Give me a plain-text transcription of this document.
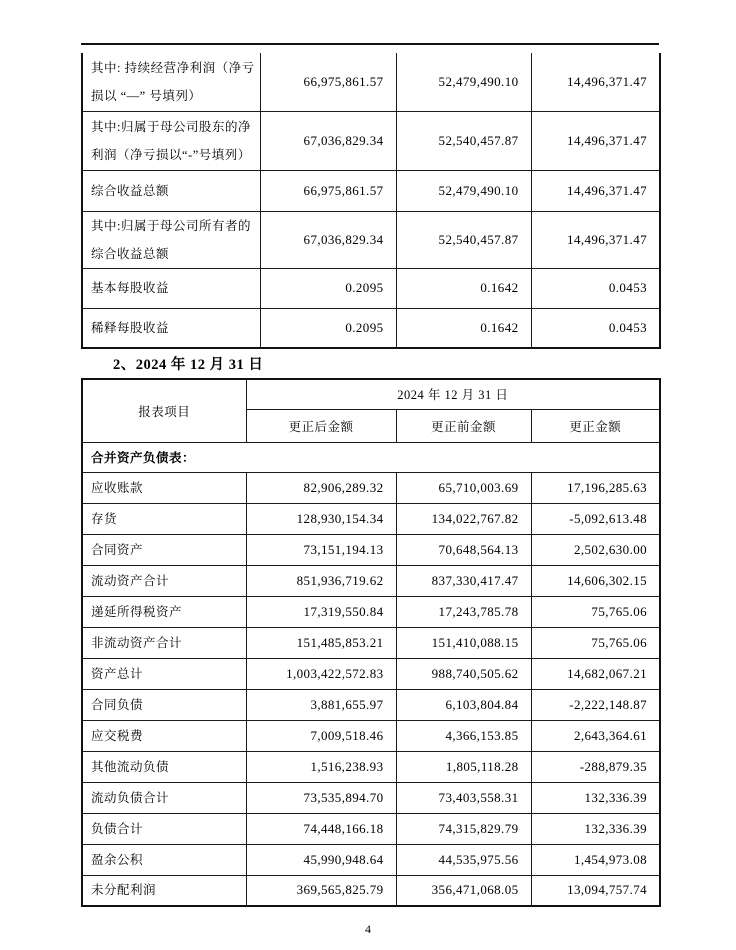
其中: 持续经营净利润（净亏损以 “—” 号填列）	66,975,861.57	52,479,490.10	14,496,371.47
其中:归属于母公司股东的净利润（净亏损以“-”号填列）	67,036,829.34	52,540,457.87	14,496,371.47
综合收益总额	66,975,861.57	52,479,490.10	14,496,371.47
其中:归属于母公司所有者的综合收益总额	67,036,829.34	52,540,457.87	14,496,371.47
基本每股收益	0.2095	0.1642	0.0453
稀释每股收益	0.2095	0.1642	0.0453
2、2024 年 12 月 31 日
报表项目	2024 年 12 月 31 日		
	更正后金额	更正前金额	更正金额
合并资产负债表：			
应收账款	82,906,289.32	65,710,003.69	17,196,285.63
存货	128,930,154.34	134,022,767.82	-5,092,613.48
合同资产	73,151,194.13	70,648,564.13	2,502,630.00
流动资产合计	851,936,719.62	837,330,417.47	14,606,302.15
递延所得税资产	17,319,550.84	17,243,785.78	75,765.06
非流动资产合计	151,485,853.21	151,410,088.15	75,765.06
资产总计	1,003,422,572.83	988,740,505.62	14,682,067.21
合同负债	3,881,655.97	6,103,804.84	-2,222,148.87
应交税费	7,009,518.46	4,366,153.85	2,643,364.61
其他流动负债	1,516,238.93	1,805,118.28	-288,879.35
流动负债合计	73,535,894.70	73,403,558.31	132,336.39
负债合计	74,448,166.18	74,315,829.79	132,336.39
盈余公积	45,990,948.64	44,535,975.56	1,454,973.08
未分配利润	369,565,825.79	356,471,068.05	13,094,757.74
4
